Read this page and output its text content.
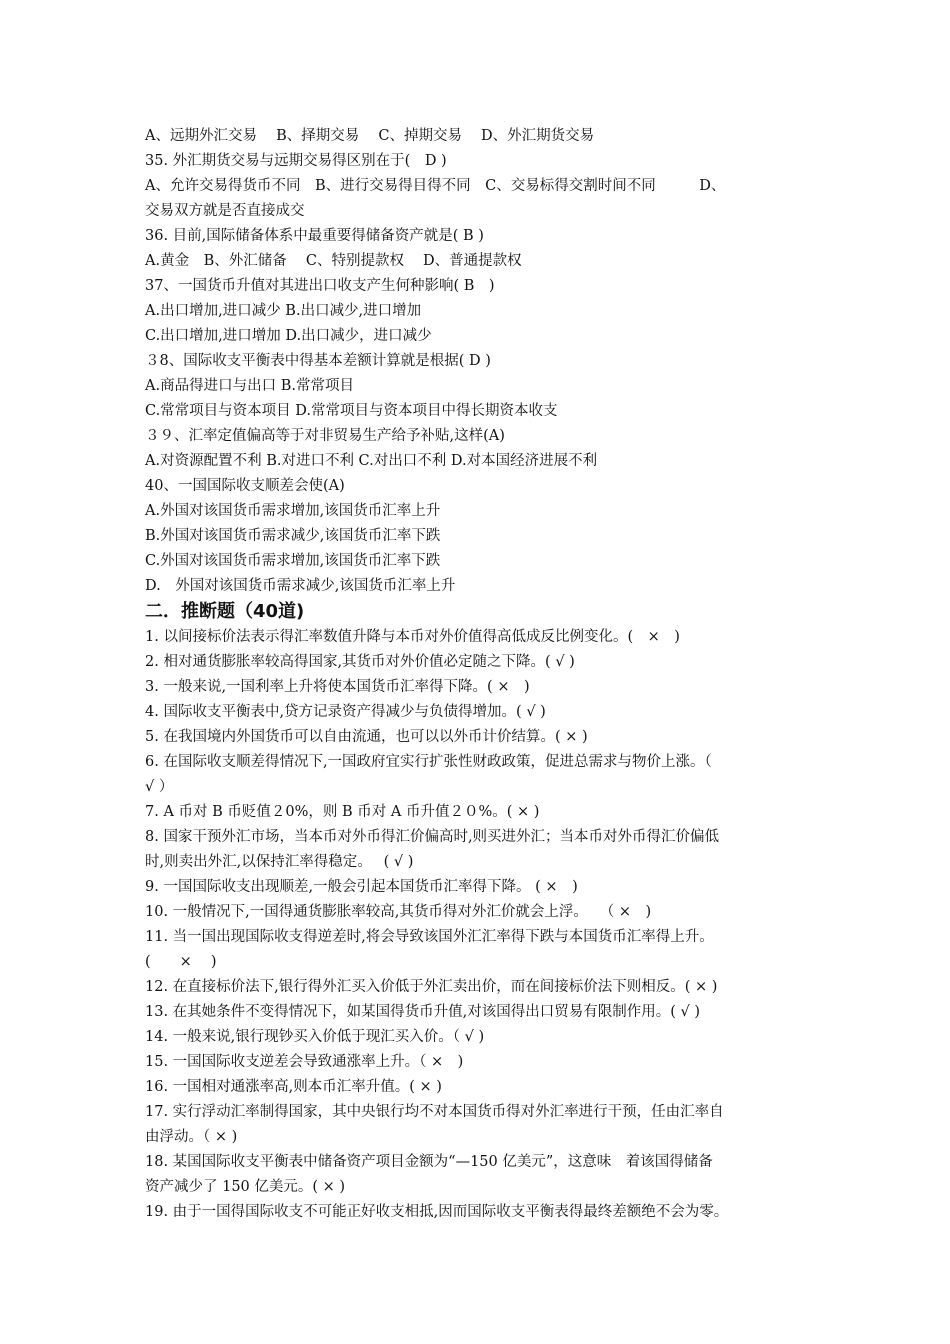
A、远期外汇交易　 B、择期交易　 C、掉期交易　 D、外汇期货交易
35. 外汇期货交易与远期交易得区别在于(　D )
A、允许交易得货币不同　B、进行交易得目得不同　C、交易标得交割时间不同　　　D、
交易双方就是否直接成交
36. 目前,国际储备体系中最重要得储备资产就是( B )
A.黄金　B、外汇储备　 C、特别提款权　 D、普通提款权
37、一国货币升值对其进出口收支产生何种影响( B　)
A.出口增加,进口减少 B.出口减少,进口增加
C.出口增加,进口增加 D.出口减少，进口减少
３8、国际收支平衡表中得基本差额计算就是根据( D )
A.商品得进口与出口 B.常常项目
C.常常项目与资本项目 D.常常项目与资本项目中得长期资本收支
３９、汇率定值偏高等于对非贸易生产给予补贴,这样(A)
A.对资源配置不利 B.对进口不利 C.对出口不利 D.对本国经济进展不利
40、一国国际收支顺差会使(A)
A.外国对该国货币需求增加,该国货币汇率上升
B.外国对该国货币需求减少,该国货币汇率下跌
C.外国对该国货币需求增加,该国货币汇率下跌
D.　外国对该国货币需求减少,该国货币汇率上升
二．推断题（40道)
1. 以间接标价法表示得汇率数值升降与本币对外价值得高低成反比例变化。(　×　)
2. 相对通货膨胀率较高得国家,其货币对外价值必定随之下降。( √ )
3. 一般来说,一国利率上升将使本国货币汇率得下降。( ×　)
4. 国际收支平衡表中,贷方记录资产得减少与负债得增加。( √ )
5. 在我国境内外国货币可以自由流通，也可以以外币计价结算。( × )
6. 在国际收支顺差得情况下,一国政府宜实行扩张性财政政策，促进总需求与物价上涨。（
√ ）
7. A 币对 B 币贬值２0%，则 B 币对 A 币升值２０%。( × )
8. 国家干预外汇市场，当本币对外币得汇价偏高时,则买进外汇；当本币对外币得汇价偏低
时,则卖出外汇,以保持汇率得稳定。　 ( √ )
9. 一国国际收支出现顺差,一般会引起本国货币汇率得下降。 ( ×　)
10. 一般情况下,一国得通货膨胀率较高,其货币得对外汇价就会上浮。　 （ ×　)
11. 当一国出现国际收支得逆差时,将会导致该国外汇汇率得下跌与本国货币汇率得上升。
(　　×　 )
12. 在直接标价法下,银行得外汇买入价低于外汇卖出价，而在间接标价法下则相反。( × )
13. 在其她条件不变得情况下，如某国得货币升值,对该国得出口贸易有限制作用。( √ )
14. 一般来说,银行现钞买入价低于现汇买入价。（ √ )
15. 一国国际收支逆差会导致通涨率上升。（ ×　)
16. 一国相对通涨率高,则本币汇率升值。( × )
17. 实行浮动汇率制得国家，其中央银行均不对本国货币得对外汇率进行干预，任由汇率自
由浮动。（ × )
18. 某国国际收支平衡表中储备资产项目金额为“—150 亿美元”，这意味　着该国得储备
资产减少了 150 亿美元。( × )
19. 由于一国得国际收支不可能正好收支相抵,因而国际收支平衡表得最终差额绝不会为零。
